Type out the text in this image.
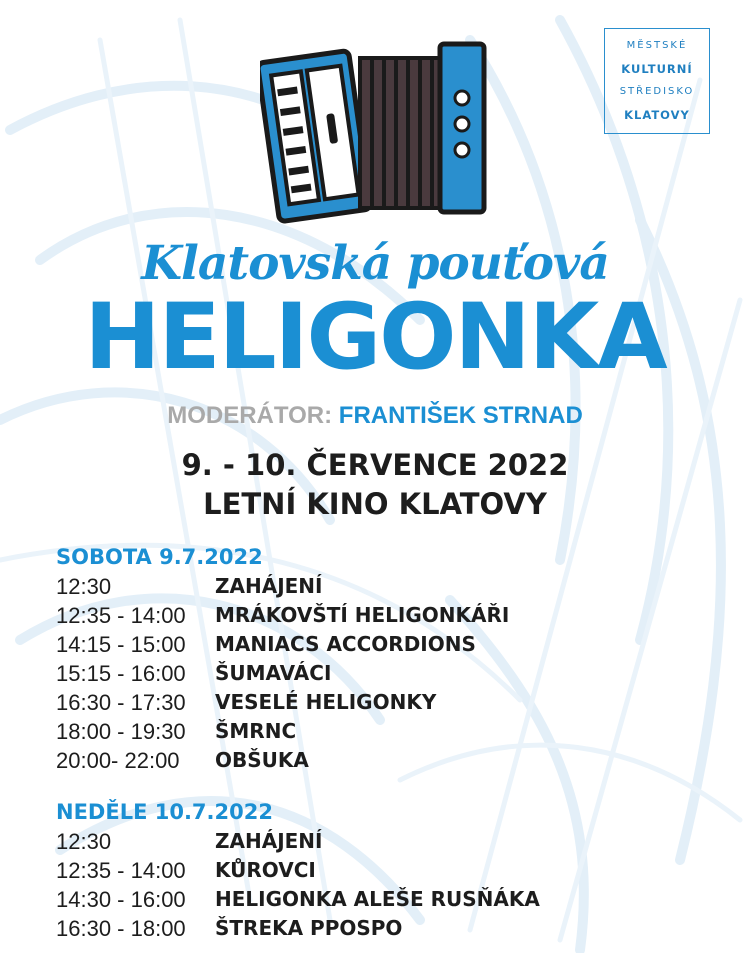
MĚSTSKÉ
KULTURNÍ
STŘEDISKO
KLATOVY
Klatovská pouťová
HELIGONKA
MODERÁTOR: FRANTIŠEK STRNAD
9. - 10. ČERVENCE 2022
LETNÍ KINO KLATOVY
SOBOTA 9.7.2022
12:30	ZAHÁJENÍ
12:35 - 14:00	MRÁKOVŠTÍ HELIGONKÁŘI
14:15 - 15:00	MANIACS ACCORDIONS
15:15 - 16:00	ŠUMAVÁCI
16:30 - 17:30	VESELÉ HELIGONKY
18:00 - 19:30	ŠMRNC
20:00- 22:00	OBŠUKA
NEDĚLE 10.7.2022
12:30	ZAHÁJENÍ
12:35 - 14:00	KŮROVCI
14:30 - 16:00	HELIGONKA ALEŠE RUSŇÁKA
16:30 - 18:00	ŠTREKA PPOSPO
